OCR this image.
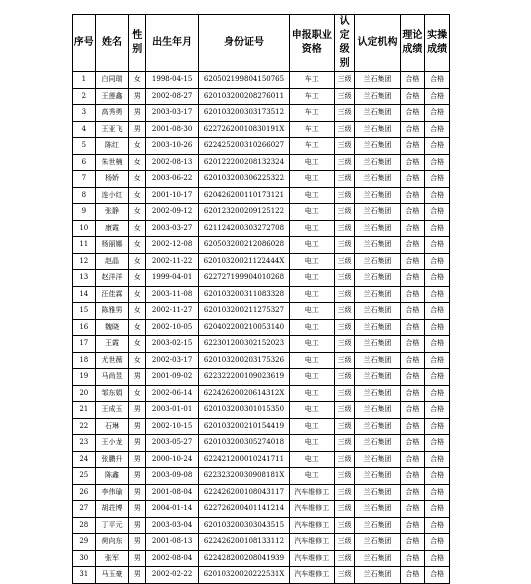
序号	姓名	性别	出生年月	身份证号	申报职业资格	认定级别	认定机构	理论成绩	实操成绩
1	白同瑞	女	1998-04-15	620502199804150765	车工	三级	兰石集团	合格	合格
2	王莲鑫	男	2002-08-27	620103200208276011	车工	三级	兰石集团	合格	合格
3	高秀勇	男	2003-03-17	620103200303173512	车工	三级	兰石集团	合格	合格
4	王亚飞	男	2001-08-30	62272620010830191X	车工	三级	兰石集团	合格	合格
5	陈红	女	2003-10-26	622425200310266027	车工	三级	兰石集团	合格	合格
6	朱世楠	女	2002-08-13	620122200208132324	电工	三级	兰石集团	合格	合格
7	杨娇	女	2003-06-22	620103200306225322	电工	三级	兰石集团	合格	合格
8	连小红	女	2001-10-17	620426200110173121	电工	三级	兰石集团	合格	合格
9	张静	女	2002-09-12	620123200209125122	电工	三级	兰石集团	合格	合格
10	康霞	女	2003-03-27	621124200303272708	电工	三级	兰石集团	合格	合格
11	杨丽娜	女	2002-12-08	620503200212086028	电工	三级	兰石集团	合格	合格
12	赵晶	女	2002-11-22	62010320021122444X	电工	三级	兰石集团	合格	合格
13	赵洋洋	女	1999-04-01	622727199904010268	电工	三级	兰石集团	合格	合格
14	汪佳霖	女	2003-11-08	620103200311083328	电工	三级	兰石集团	合格	合格
15	陈雅男	女	2002-11-27	620103200211275327	电工	三级	兰石集团	合格	合格
16	魏晓	女	2002-10-05	620402200210053140	电工	三级	兰石集团	合格	合格
17	王霞	女	2003-02-15	622301200302152023	电工	三级	兰石集团	合格	合格
18	尤世薇	女	2002-03-17	620103200203175326	电工	三级	兰石集团	合格	合格
19	马尚昱	男	2001-09-02	622322200109023619	电工	三级	兰石集团	合格	合格
20	邹东娟	女	2002-06-14	62242620020614312X	电工	三级	兰石集团	合格	合格
21	王成玉	男	2003-01-01	620103200301015350	电工	三级	兰石集团	合格	合格
22	石琳	男	2002-10-15	620103200210154419	电工	三级	兰石集团	合格	合格
23	王小龙	男	2003-05-27	620103200305274018	电工	三级	兰石集团	合格	合格
24	张鹏升	男	2000-10-24	622421200010241711	电工	三级	兰石集团	合格	合格
25	陈鑫	男	2003-09-08	62232320030908181X	电工	三级	兰石集团	合格	合格
26	李伟瑜	男	2001-08-04	622426200108043117	汽车维修工	三级	兰石集团	合格	合格
27	胡荘博	男	2004-01-14	622726200401141214	汽车维修工	三级	兰石集团	合格	合格
28	丁平元	男	2003-03-04	620103200303043515	汽车维修工	三级	兰石集团	合格	合格
29	荷向东	男	2001-08-13	622426200108133112	汽车维修工	三级	兰石集团	合格	合格
30	张军	男	2002-08-04	622428200208041939	汽车维修工	三级	兰石集团	合格	合格
31	马玉豪	男	2002-02-22	62010320020222531X	汽车维修工	三级	兰石集团	合格	合格
